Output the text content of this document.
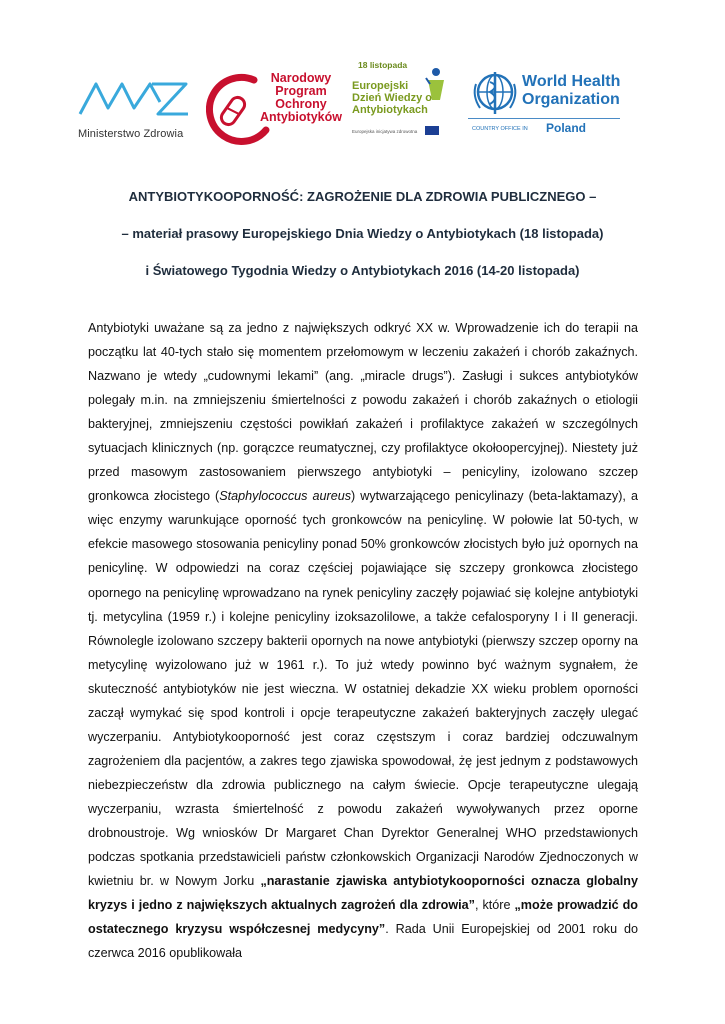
Ministerstwo Zdrowia
Narodowy
Program
Ochrony
Antybiotyków
18 listopada
Europejski
Dzień Wiedzy o
Antybiotykach
Europejska inicjatywa zdrowotna
World Health
Organization
COUNTRY OFFICE IN Poland
ANTYBIOTYKOOPORNOŚĆ: ZAGROŻENIE DLA ZDROWIA PUBLICZNEGO –
– materiał prasowy Europejskiego Dnia Wiedzy o Antybiotykach (18 listopada)
i Światowego Tygodnia Wiedzy o Antybiotykach 2016 (14-20 listopada)

Antybiotyki uważane są za jedno z największych odkryć XX w. Wprowadzenie ich do terapii na początku lat 40-tych stało się momentem przełomowym w leczeniu zakażeń i chorób zakaźnych. Nazwano je wtedy „cudownymi lekami” (ang. „miracle drugs”). Zasługi i sukces antybiotyków polegały m.in. na zmniejszeniu śmiertelności z powodu zakażeń i chorób zakaźnych o etiologii bakteryjnej, zmniejszeniu częstości powikłań zakażeń i profilaktyce zakażeń w szczególnych sytuacjach klinicznych (np. gorączce reumatycznej, czy profilaktyce okołoopercyjnej). Niestety już przed masowym zastosowaniem pierwszego antybiotyki – penicyliny, izolowano szczep gronkowca złocistego (Staphylococcus aureus) wytwarzającego penicylinazy (beta-laktamazy), a więc enzymy warunkujące oporność tych gronkowców na penicylinę. W połowie lat 50-tych, w efekcie masowego stosowania penicyliny ponad 50% gronkowców złocistych było już opornych na penicylinę. W odpowiedzi na coraz częściej pojawiające się szczepy gronkowca złocistego opornego na penicylinę wprowadzano na rynek penicyliny zaczęły pojawiać się kolejne antybiotyki tj. metycylina (1959 r.) i kolejne penicyliny izoksazolilowe, a także cefalosporyny I i II generacji. Równolegle izolowano szczepy bakterii opornych na nowe antybiotyki (pierwszy szczep oporny na metycylinę wyizolowano już w 1961 r.). To już wtedy powinno być ważnym sygnałem, że skuteczność antybiotyków nie jest wieczna. W ostatniej dekadzie XX wieku problem oporności zaczął wymykać się spod kontroli i opcje terapeutyczne zakażeń bakteryjnych zaczęły ulegać wyczerpaniu. Antybiotykooporność jest coraz częstszym i coraz bardziej odczuwalnym zagrożeniem dla pacjentów, a zakres tego zjawiska spowodował, żę jest jednym z podstawowych niebezpieczeństw dla zdrowia publicznego na całym świecie. Opcje terapeutyczne ulegają wyczerpaniu, wzrasta śmiertelność z powodu zakażeń wywoływanych przez oporne drobnoustroje. Wg wniosków Dr Margaret Chan Dyrektor Generalnej WHO przedstawionych podczas spotkania przedstawicieli państw członkowskich Organizacji Narodów Zjednoczonych w kwietniu br. w Nowym Jorku „narastanie zjawiska antybiotykooporności oznacza globalny kryzys i jedno z największych aktualnych zagrożeń dla zdrowia”, które „może prowadzić do ostatecznego kryzysu współczesnej medycyny”. Rada Unii Europejskiej od 2001 roku do czerwca 2016 opublikowała
